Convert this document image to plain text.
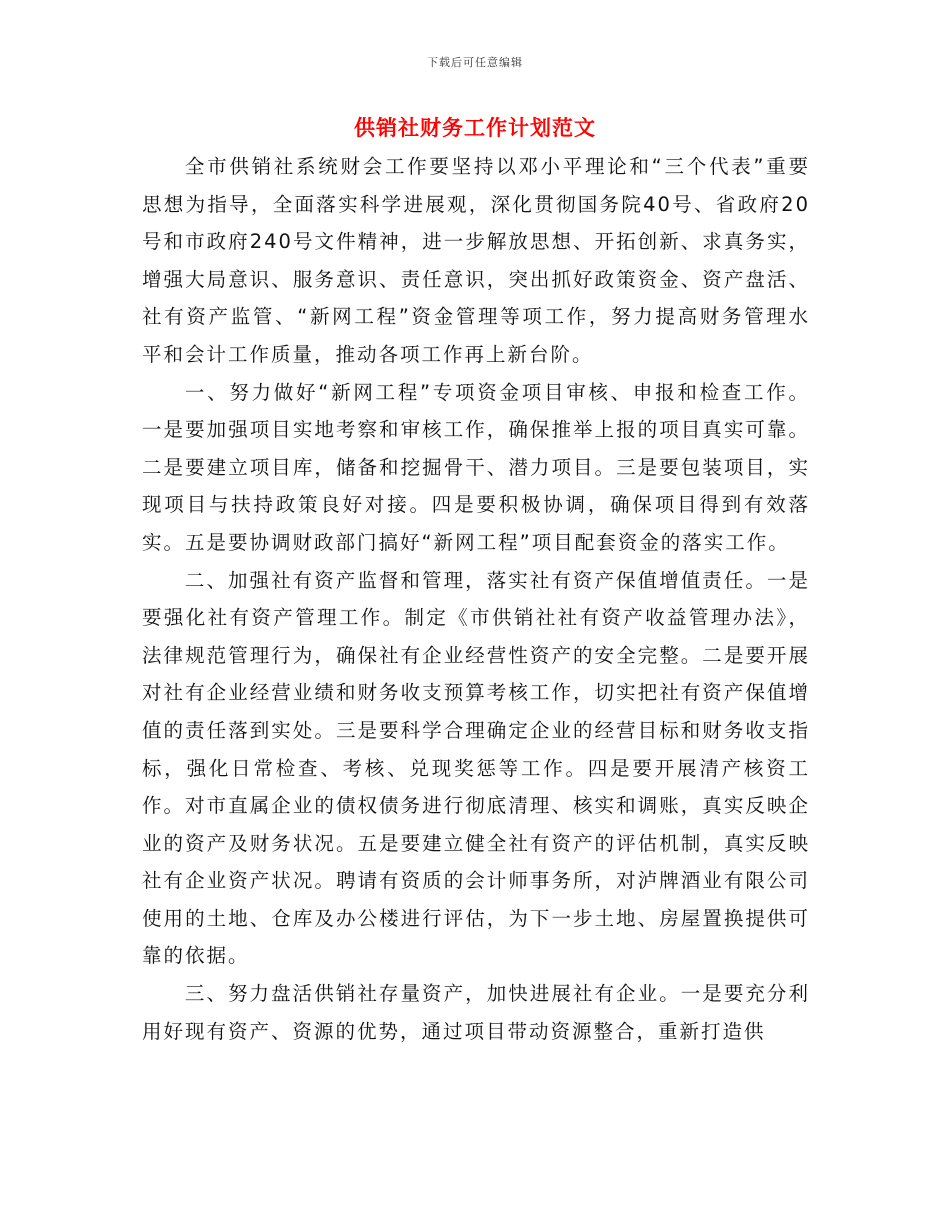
下载后可任意编辑
供销社财务工作计划范文

全市供销社系统财会工作要坚持以邓小平理论和“三个代表”重要思想为指导，全面落实科学进展观，深化贯彻国务院40号、省政府20号和市政府240号文件精神，进一步解放思想、开拓创新、求真务实，增强大局意识、服务意识、责任意识，突出抓好政策资金、资产盘活、社有资产监管、“新网工程”资金管理等项工作，努力提高财务管理水平和会计工作质量，推动各项工作再上新台阶。

一、努力做好“新网工程”专项资金项目审核、申报和检查工作。一是要加强项目实地考察和审核工作，确保推举上报的项目真实可靠。二是要建立项目库，储备和挖掘骨干、潜力项目。三是要包装项目，实现项目与扶持政策良好对接。四是要积极协调，确保项目得到有效落实。五是要协调财政部门搞好“新网工程”项目配套资金的落实工作。

二、加强社有资产监督和管理，落实社有资产保值增值责任。一是要强化社有资产管理工作。制定《市供销社社有资产收益管理办法》，法律规范管理行为，确保社有企业经营性资产的安全完整。二是要开展对社有企业经营业绩和财务收支预算考核工作，切实把社有资产保值增值的责任落到实处。三是要科学合理确定企业的经营目标和财务收支指标，强化日常检查、考核、兑现奖惩等工作。四是要开展清产核资工作。对市直属企业的债权债务进行彻底清理、核实和调账，真实反映企业的资产及财务状况。五是要建立健全社有资产的评估机制，真实反映社有企业资产状况。聘请有资质的会计师事务所，对泸牌酒业有限公司使用的土地、仓库及办公楼进行评估，为下一步土地、房屋置换提供可靠的依据。

三、努力盘活供销社存量资产，加快进展社有企业。一是要充分利用好现有资产、资源的优势，通过项目带动资源整合，重新打造供
